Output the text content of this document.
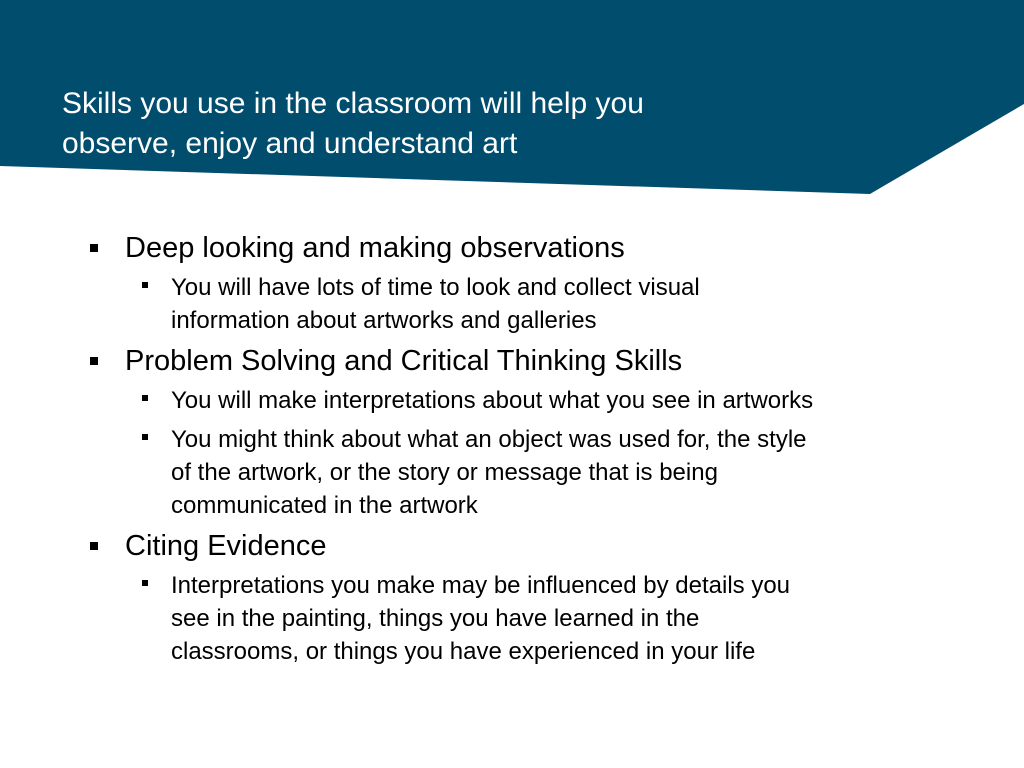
Skills you use in the classroom will help you
observe, enjoy and understand art
Deep looking and making observations
You will have lots of time to look and collect visual
information about artworks and galleries
Problem Solving and Critical Thinking Skills
You will make interpretations about what you see in artworks
You might think about what an object was used for, the style
of the artwork, or the story or message that is being
communicated in the artwork
Citing Evidence
Interpretations you make may be influenced by details you
see in the painting, things you have learned in the
classrooms, or things you have experienced in your life
